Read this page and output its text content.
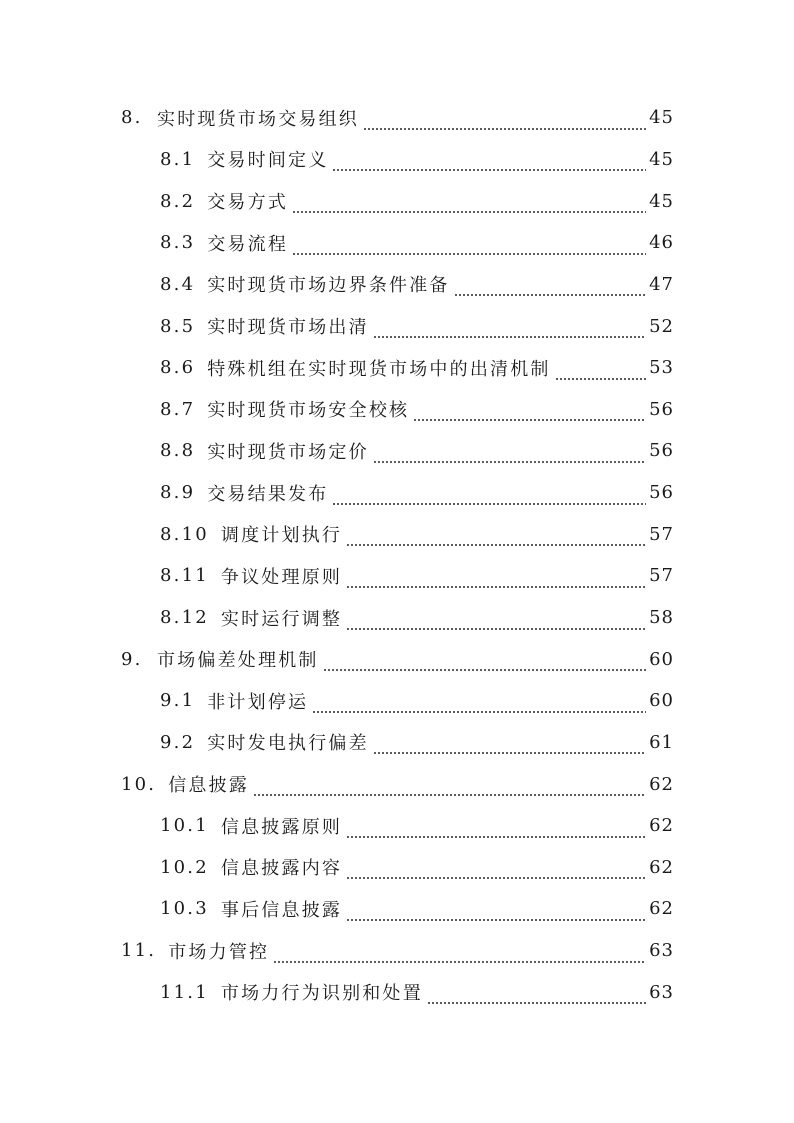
8. 实时现货市场交易组织	45
8.1 交易时间定义	45
8.2 交易方式	45
8.3 交易流程	46
8.4 实时现货市场边界条件准备	47
8.5 实时现货市场出清	52
8.6 特殊机组在实时现货市场中的出清机制	53
8.7 实时现货市场安全校核	56
8.8 实时现货市场定价	56
8.9 交易结果发布	56
8.10 调度计划执行	57
8.11 争议处理原则	57
8.12 实时运行调整	58
9. 市场偏差处理机制	60
9.1 非计划停运	60
9.2 实时发电执行偏差	61
10. 信息披露	62
10.1 信息披露原则	62
10.2 信息披露内容	62
10.3 事后信息披露	62
11. 市场力管控	63
11.1 市场力行为识别和处置	63
